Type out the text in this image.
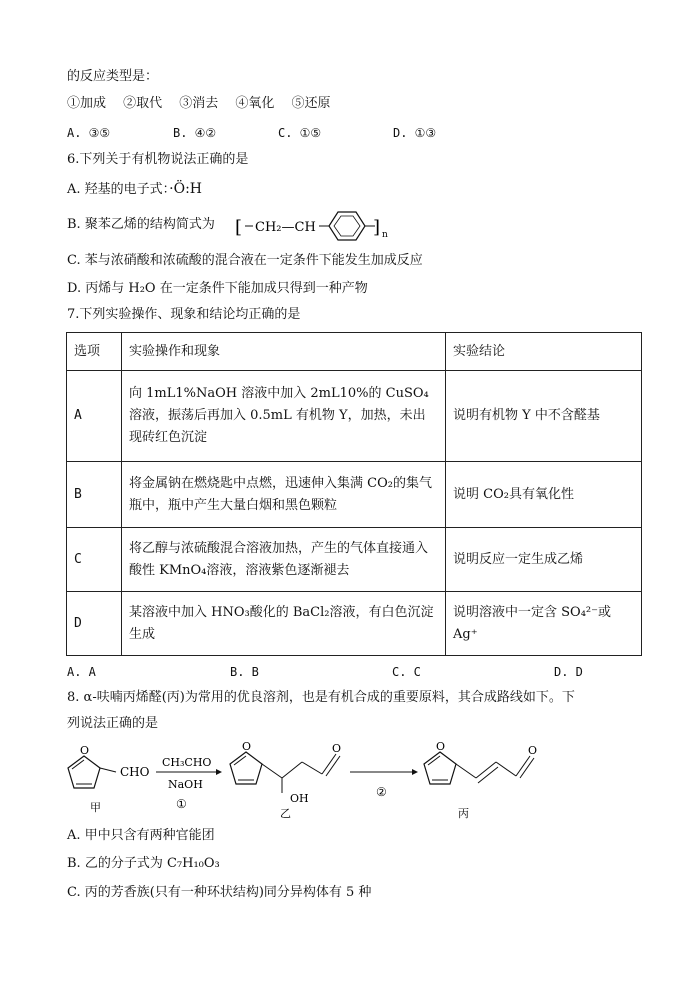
的反应类型是：
①加成　 ②取代　 ③消去　 ④氧化　 ⑤还原
A. ③⑤	B. ④②	C. ①⑤	D. ①③
6.下列关于有机物说法正确的是
A. 羟基的电子式：·Ö:H
B. 聚苯乙烯的结构简式为 [ CH₂—CH	] n
C. 苯与浓硝酸和浓硫酸的混合液在一定条件下能发生加成反应
D. 丙烯与 H₂O 在一定条件下能加成只得到一种产物
7.下列实验操作、现象和结论均正确的是
选项	实验操作和现象	实验结论
A	向 1mL1%NaOH 溶液中加入 2mL10%的 CuSO₄溶液，振荡后再加入 0.5mL 有机物 Y，加热，未出现砖红色沉淀	说明有机物 Y 中不含醛基
B	将金属钠在燃烧匙中点燃，迅速伸入集满 CO₂的集气瓶中，瓶中产生大量白烟和黑色颗粒	说明 CO₂具有氧化性
C	将乙醇与浓硫酸混合溶液加热，产生的气体直接通入酸性 KMnO₄溶液，溶液紫色逐渐褪去	说明反应一定生成乙烯
D	某溶液中加入 HNO₃酸化的 BaCl₂溶液，有白色沉淀生成	说明溶液中一定含 SO₄²⁻或 Ag⁺
A. A	B. B	C. C	D. D
8. α-呋喃丙烯醛(丙)为常用的优良溶剂，也是有机合成的重要原料，其合成路线如下。下
列说法正确的是
O
CHO
甲
CH₃CHO
NaOH
①
O	O
OH
乙
②
O	O
丙
A. 甲中只含有两种官能团
B. 乙的分子式为 C₇H₁₀O₃
C. 丙的芳香族(只有一种环状结构)同分异构体有 5 种
